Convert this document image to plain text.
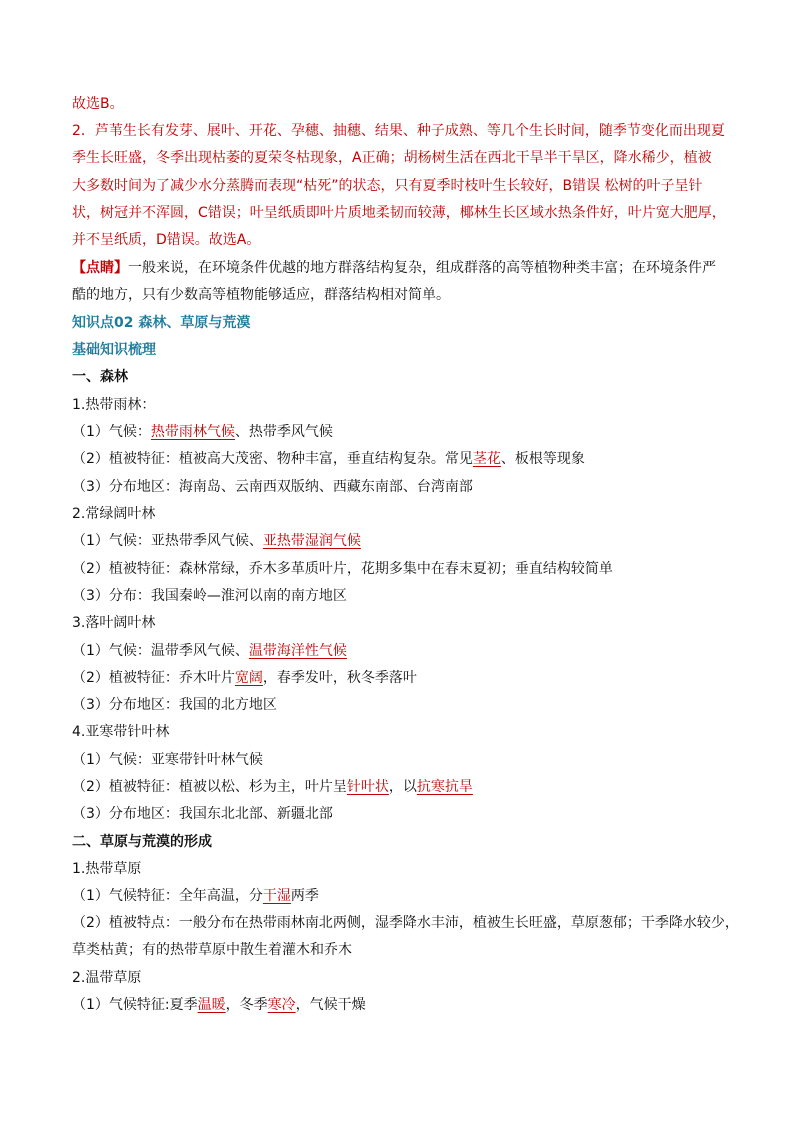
故选B。
2．芦苇生长有发芽、展叶、开花、孕穗、抽穗、结果、种子成熟、等几个生长时间，随季节变化而出现夏
季生长旺盛，冬季出现枯萎的夏荣冬枯现象，A正确；胡杨树生活在西北干旱半干旱区，降水稀少，植被
大多数时间为了减少水分蒸腾而表现“枯死”的状态，只有夏季时枝叶生长较好，B错误 松树的叶子呈针
状，树冠并不浑圆，C错误；叶呈纸质即叶片质地柔韧而较薄，椰林生长区域水热条件好，叶片宽大肥厚，
并不呈纸质，D错误。故选A。
【点睛】一般来说，在环境条件优越的地方群落结构复杂，组成群落的高等植物种类丰富；在环境条件严
酷的地方，只有少数高等植物能够适应，群落结构相对简单。
知识点02 森林、草原与荒漠
基础知识梳理
一、森林
1.热带雨林：
（1）气候：热带雨林气候、热带季风气候
（2）植被特征：植被高大茂密、物种丰富，垂直结构复杂。常见茎花、板根等现象
（3）分布地区：海南岛、云南西双版纳、西藏东南部、台湾南部
2.常绿阔叶林
（1）气候：亚热带季风气候、亚热带湿润气候
（2）植被特征：森林常绿，乔木多革质叶片，花期多集中在春末夏初；垂直结构较简单
（3）分布：我国秦岭—淮河以南的南方地区
3.落叶阔叶林
（1）气候：温带季风气候、温带海洋性气候
（2）植被特征：乔木叶片宽阔，春季发叶，秋冬季落叶
（3）分布地区：我国的北方地区
4.亚寒带针叶林
（1）气候：亚寒带针叶林气候
（2）植被特征：植被以松、杉为主，叶片呈针叶状，以抗寒抗旱
（3）分布地区：我国东北北部、新疆北部
二、草原与荒漠的形成
1.热带草原
（1）气候特征：全年高温，分干湿两季
（2）植被特点：一般分布在热带雨林南北两侧，湿季降水丰沛，植被生长旺盛，草原葱郁；干季降水较少，
草类枯黄；有的热带草原中散生着灌木和乔木
2.温带草原
（1）气候特征:夏季温暖，冬季寒冷，气候干燥
